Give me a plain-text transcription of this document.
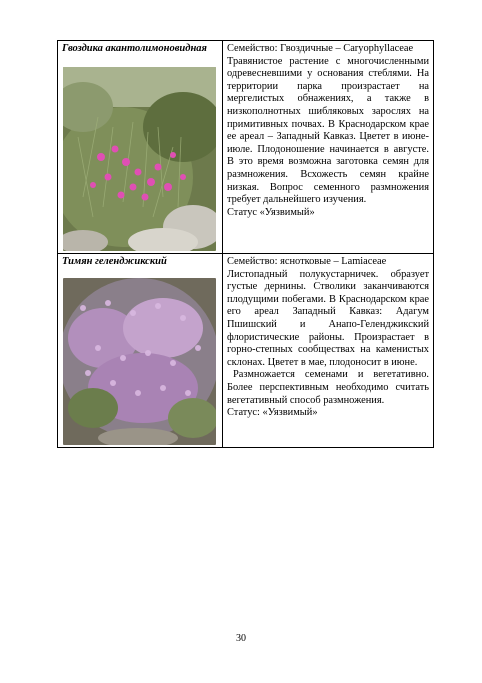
Гвоздика акантолимоновидная	Семейство: Гвоздичные – Caryophyllaceae

Травянистое растение с многочисленными одревесневшими у основания стеблями. На территории парка произрастает на мергелистых обнажениях, а также в низкополнотных шибляковых зарослях на примитивных почвах. В Краснодарском крае ее ареал – Западный Кавказ. Цветет в июне-июле. Плодоношение начинается в августе. В это время возможна заготовка семян для размножения. Всхожесть семян крайне низкая. Вопрос семенного размножения требует дальнейшего изучения.

Статус «Уязвимый»

Тимян геленджикский	Семейство: яснотковые – Lamiaceae

Листопадный полукустарничек. образует густые дернины. Стволики заканчиваются плодущими побегами. В Краснодарском крае его ареал Западный Кавказ: Адагум Пшишский и Анапо-Геленджикский флористические районы. Произрастает в горно-степных сообществах на каменистых склонах. Цветет в мае, плодоносит в июне.

Размножается семенами и вегетативно. Более перспективным необходимо считать вегетативный способ размножения.

Статус: «Уязвимый»

30
